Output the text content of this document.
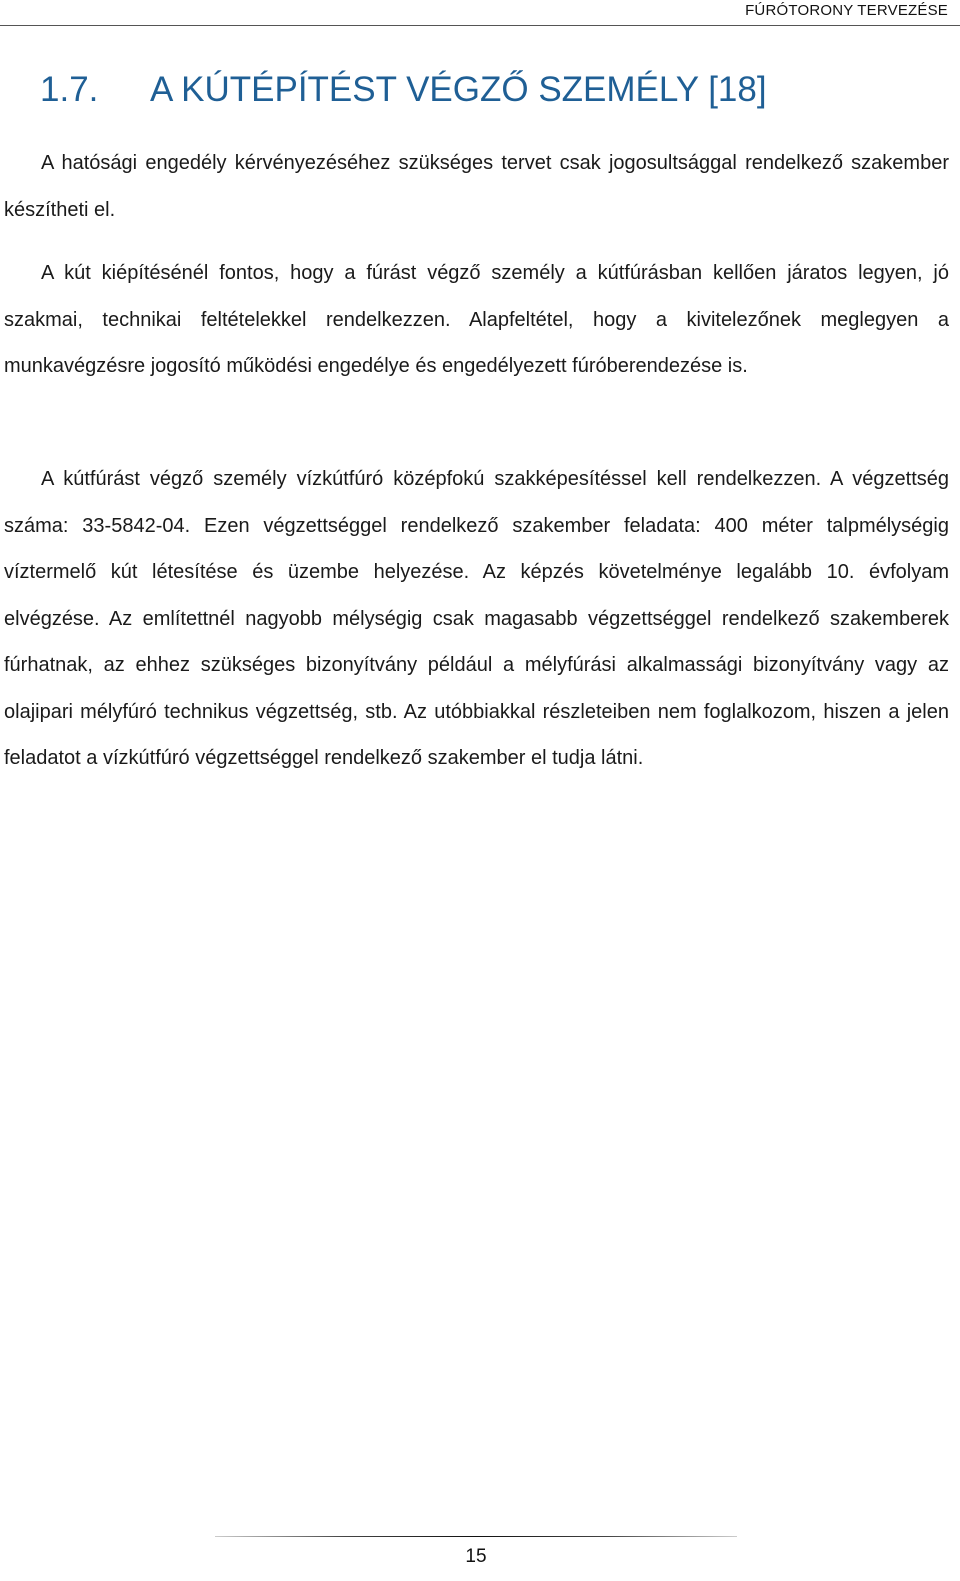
FÚRÓTORONY TERVEZÉSE
1.7. A KÚTÉPÍTÉST VÉGZŐ SZEMÉLY [18]

A hatósági engedély kérvényezéséhez szükséges tervet csak jogosultsággal rendelkező szakember készítheti el.

A kút kiépítésénél fontos, hogy a fúrást végző személy a kútfúrásban kellően járatos legyen, jó szakmai, technikai feltételekkel rendelkezzen. Alapfeltétel, hogy a kivitelezőnek meglegyen a munkavégzésre jogosító működési engedélye és engedélyezett fúróberendezése is.

A kútfúrást végző személy vízkútfúró középfokú szakképesítéssel kell rendelkezzen. A végzettség száma: 33-5842-04. Ezen végzettséggel rendelkező szakember feladata: 400 méter talpmélységig víztermelő kút létesítése és üzembe helyezése. Az képzés követelménye legalább 10. évfolyam elvégzése. Az említettnél nagyobb mélységig csak magasabb végzettséggel rendelkező szakemberek fúrhatnak, az ehhez szükséges bizonyítvány például a mélyfúrási alkalmassági bizonyítvány vagy az olajipari mélyfúró technikus végzettség, stb. Az utóbbiakkal részleteiben nem foglalkozom, hiszen a jelen feladatot a vízkútfúró végzettséggel rendelkező szakember el tudja látni.

15
